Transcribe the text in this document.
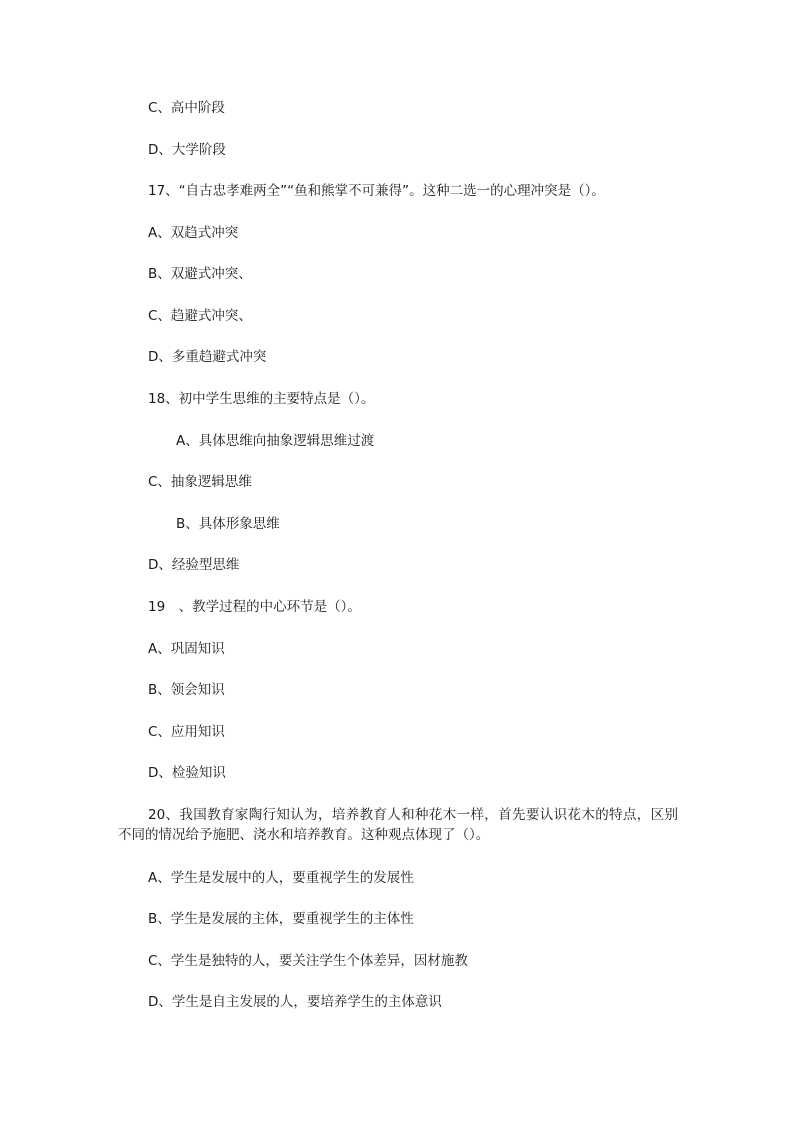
C、高中阶段
D、大学阶段
17、“自古忠孝难两全”“鱼和熊掌不可兼得”。这种二选一的心理冲突是（）。
A、双趋式冲突
B、双避式冲突、
C、趋避式冲突、
D、多重趋避式冲突
18、初中学生思维的主要特点是（）。
A、具体思维向抽象逻辑思维过渡
C、抽象逻辑思维
B、具体形象思维
D、经验型思维
19　、教学过程的中心环节是（）。
A、巩固知识
B、领会知识
C、应用知识
D、检验知识
20、我国教育家陶行知认为，培养教育人和种花木一样，首先要认识花木的特点，区别不同的情况给予施肥、浇水和培养教育。这种观点体现了（）。
A、学生是发展中的人，要重视学生的发展性
B、学生是发展的主体，要重视学生的主体性
C、学生是独特的人，要关注学生个体差异，因材施教
D、学生是自主发展的人，要培养学生的主体意识
